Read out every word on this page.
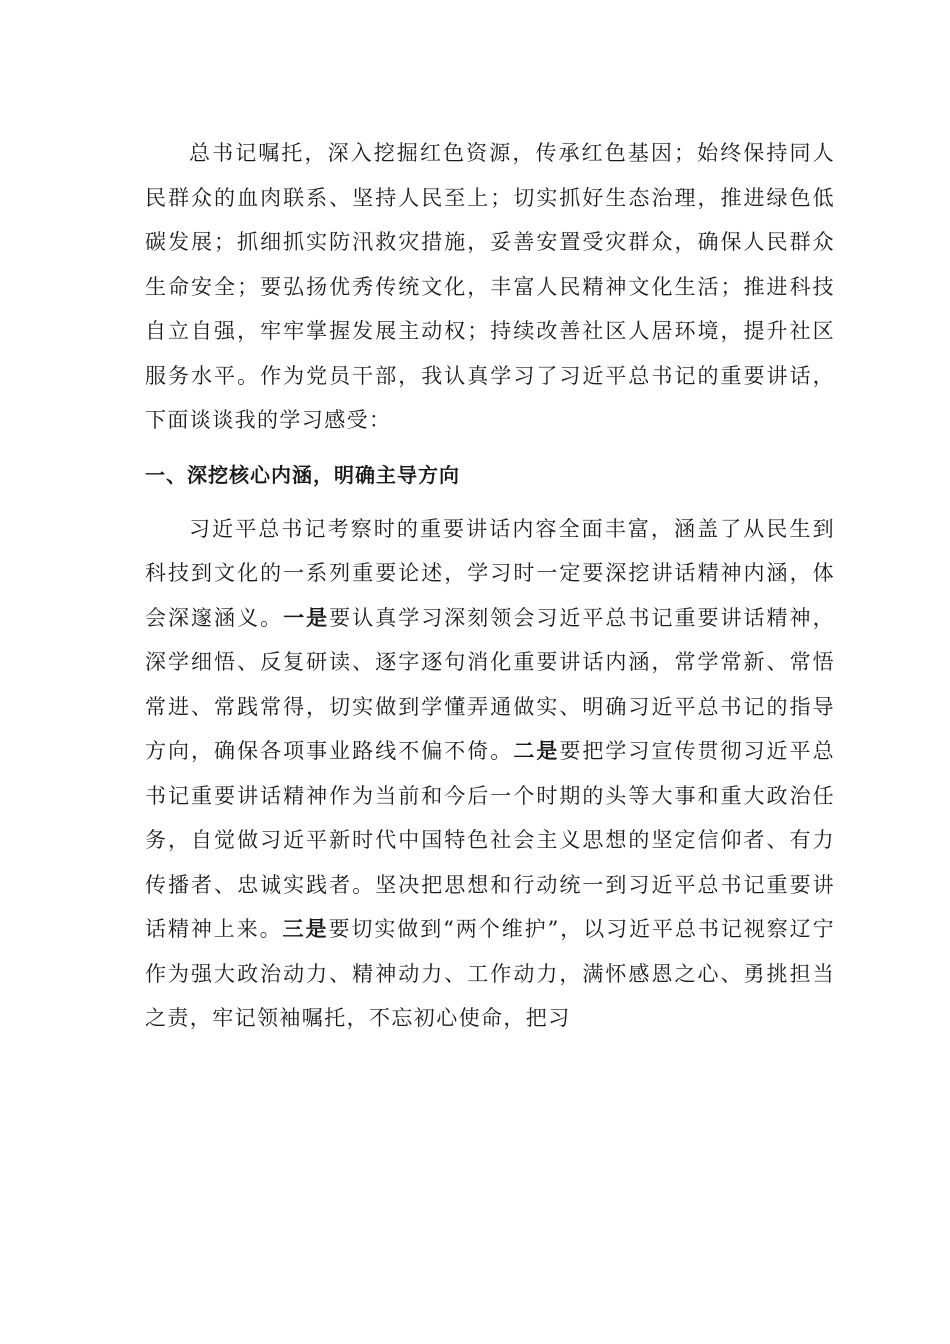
总书记嘱托，深入挖掘红色资源，传承红色基因；始终保持同人民群众的血肉联系、坚持人民至上；切实抓好生态治理，推进绿色低碳发展；抓细抓实防汛救灾措施，妥善安置受灾群众，确保人民群众生命安全；要弘扬优秀传统文化，丰富人民精神文化生活；推进科技自立自强，牢牢掌握发展主动权；持续改善社区人居环境，提升社区服务水平。作为党员干部，我认真学习了习近平总书记的重要讲话，下面谈谈我的学习感受：

一、深挖核心内涵，明确主导方向

习近平总书记考察时的重要讲话内容全面丰富，涵盖了从民生到科技到文化的一系列重要论述，学习时一定要深挖讲话精神内涵，体会深邃涵义。一是要认真学习深刻领会习近平总书记重要讲话精神，深学细悟、反复研读、逐字逐句消化重要讲话内涵，常学常新、常悟常进、常践常得，切实做到学懂弄通做实、明确习近平总书记的指导方向，确保各项事业路线不偏不倚。二是要把学习宣传贯彻习近平总书记重要讲话精神作为当前和今后一个时期的头等大事和重大政治任务，自觉做习近平新时代中国特色社会主义思想的坚定信仰者、有力传播者、忠诚实践者。坚决把思想和行动统一到习近平总书记重要讲话精神上来。三是要切实做到“两个维护”，以习近平总书记视察辽宁作为强大政治动力、精神动力、工作动力，满怀感恩之心、勇挑担当之责，牢记领袖嘱托，不忘初心使命，把习
